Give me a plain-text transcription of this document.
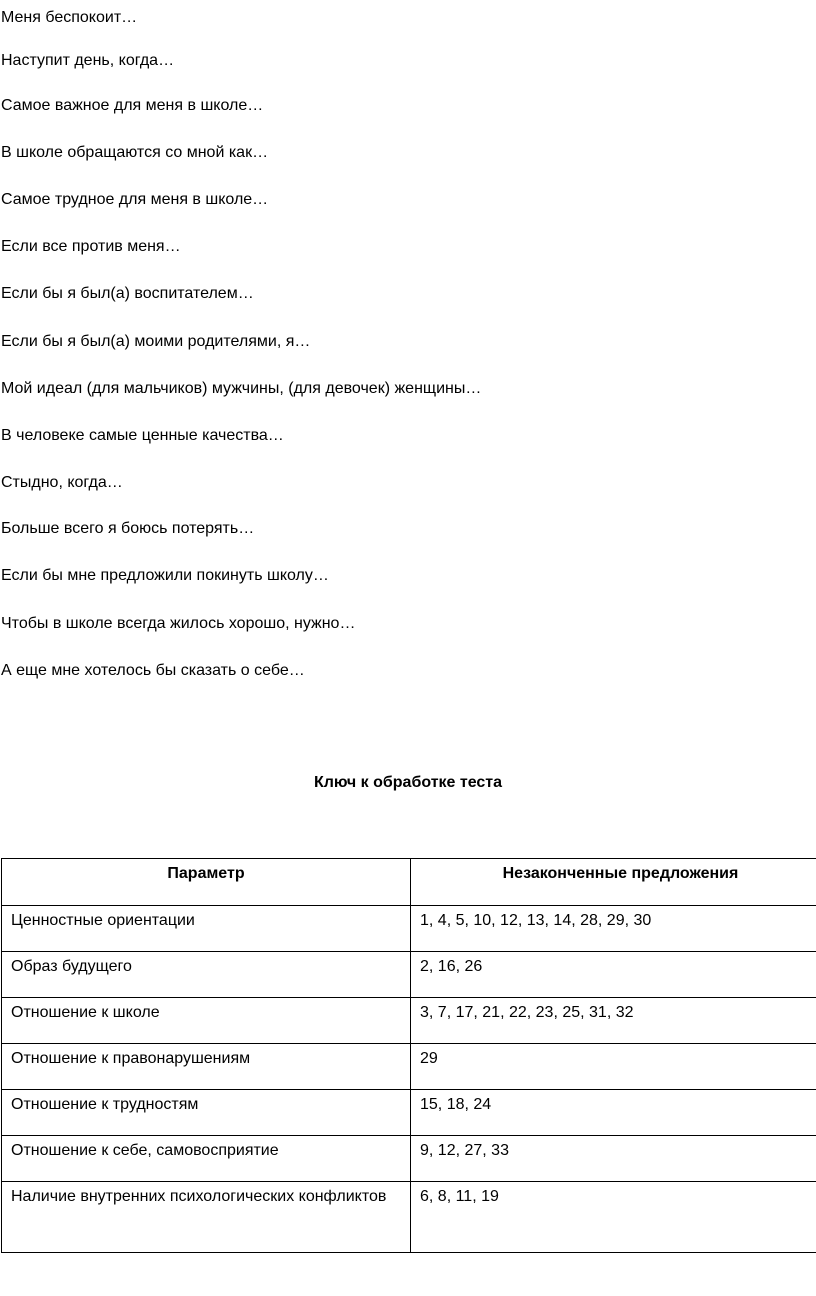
Меня беспокоит…
Наступит день, когда…
Самое важное для меня в школе…
В школе обращаются со мной как…
Самое трудное для меня в школе…
Если все против меня…
Если бы я был(а) воспитателем…
Если бы я был(а) моими родителями, я…
Мой идеал (для мальчиков) мужчины, (для девочек) женщины…
В человеке самые ценные качества…
Стыдно, когда…
Больше всего я боюсь потерять…
Если бы мне предложили покинуть школу…
Чтобы в школе всегда жилось хорошо, нужно…
А еще мне хотелось бы сказать о себе…
Ключ к обработке теста
Параметр	Незаконченные предложения

Ценностные ориентации	1, 4, 5, 10, 12, 13, 14, 28, 29, 30

Образ будущего	2, 16, 26

Отношение к школе	3, 7, 17, 21, 22, 23, 25, 31, 32

Отношение к правонарушениям	29

Отношение к трудностям	15, 18, 24

Отношение к себе, самовосприятие	9, 12, 27, 33

Наличие внутренних психологических конфликтов	6, 8, 11, 19
